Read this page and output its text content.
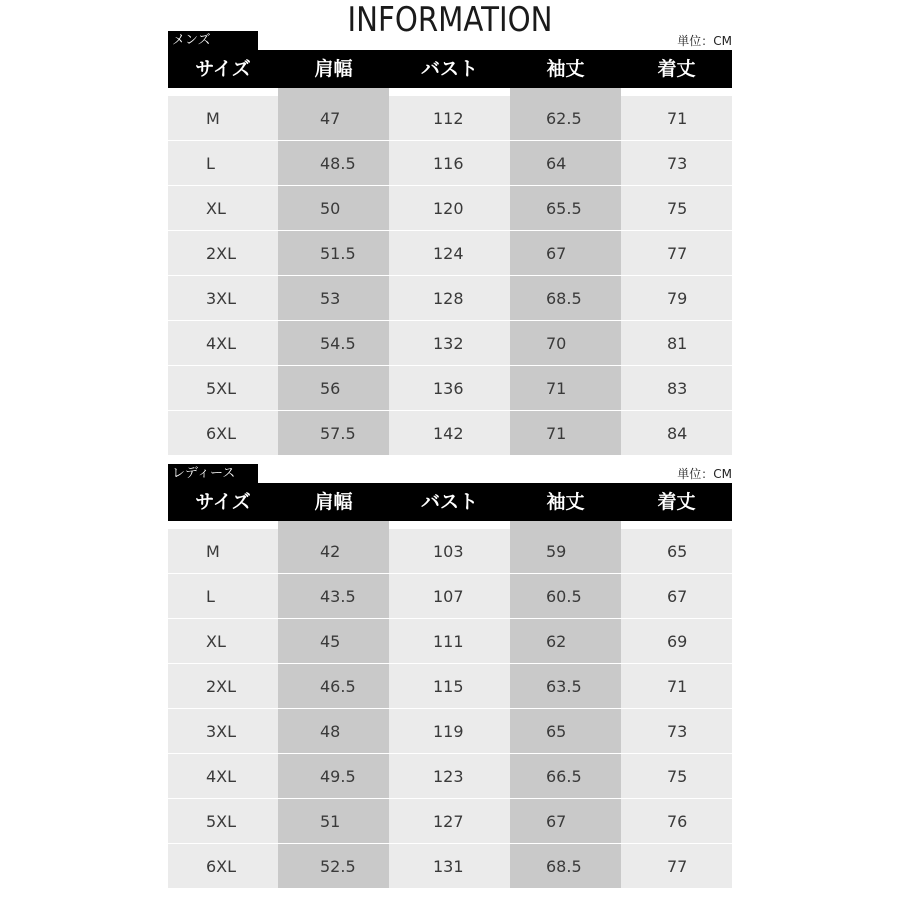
INFORMATION
メンズ	単位：CM
サイズ	肩幅	バスト	袖丈	着丈
M	47	112	62.5	71
L	48.5	116	64	73
XL	50	120	65.5	75
2XL	51.5	124	67	77
3XL	53	128	68.5	79
4XL	54.5	132	70	81
5XL	56	136	71	83
6XL	57.5	142	71	84
レディース	単位：CM
サイズ	肩幅	バスト	袖丈	着丈
M	42	103	59	65
L	43.5	107	60.5	67
XL	45	111	62	69
2XL	46.5	115	63.5	71
3XL	48	119	65	73
4XL	49.5	123	66.5	75
5XL	51	127	67	76
6XL	52.5	131	68.5	77
